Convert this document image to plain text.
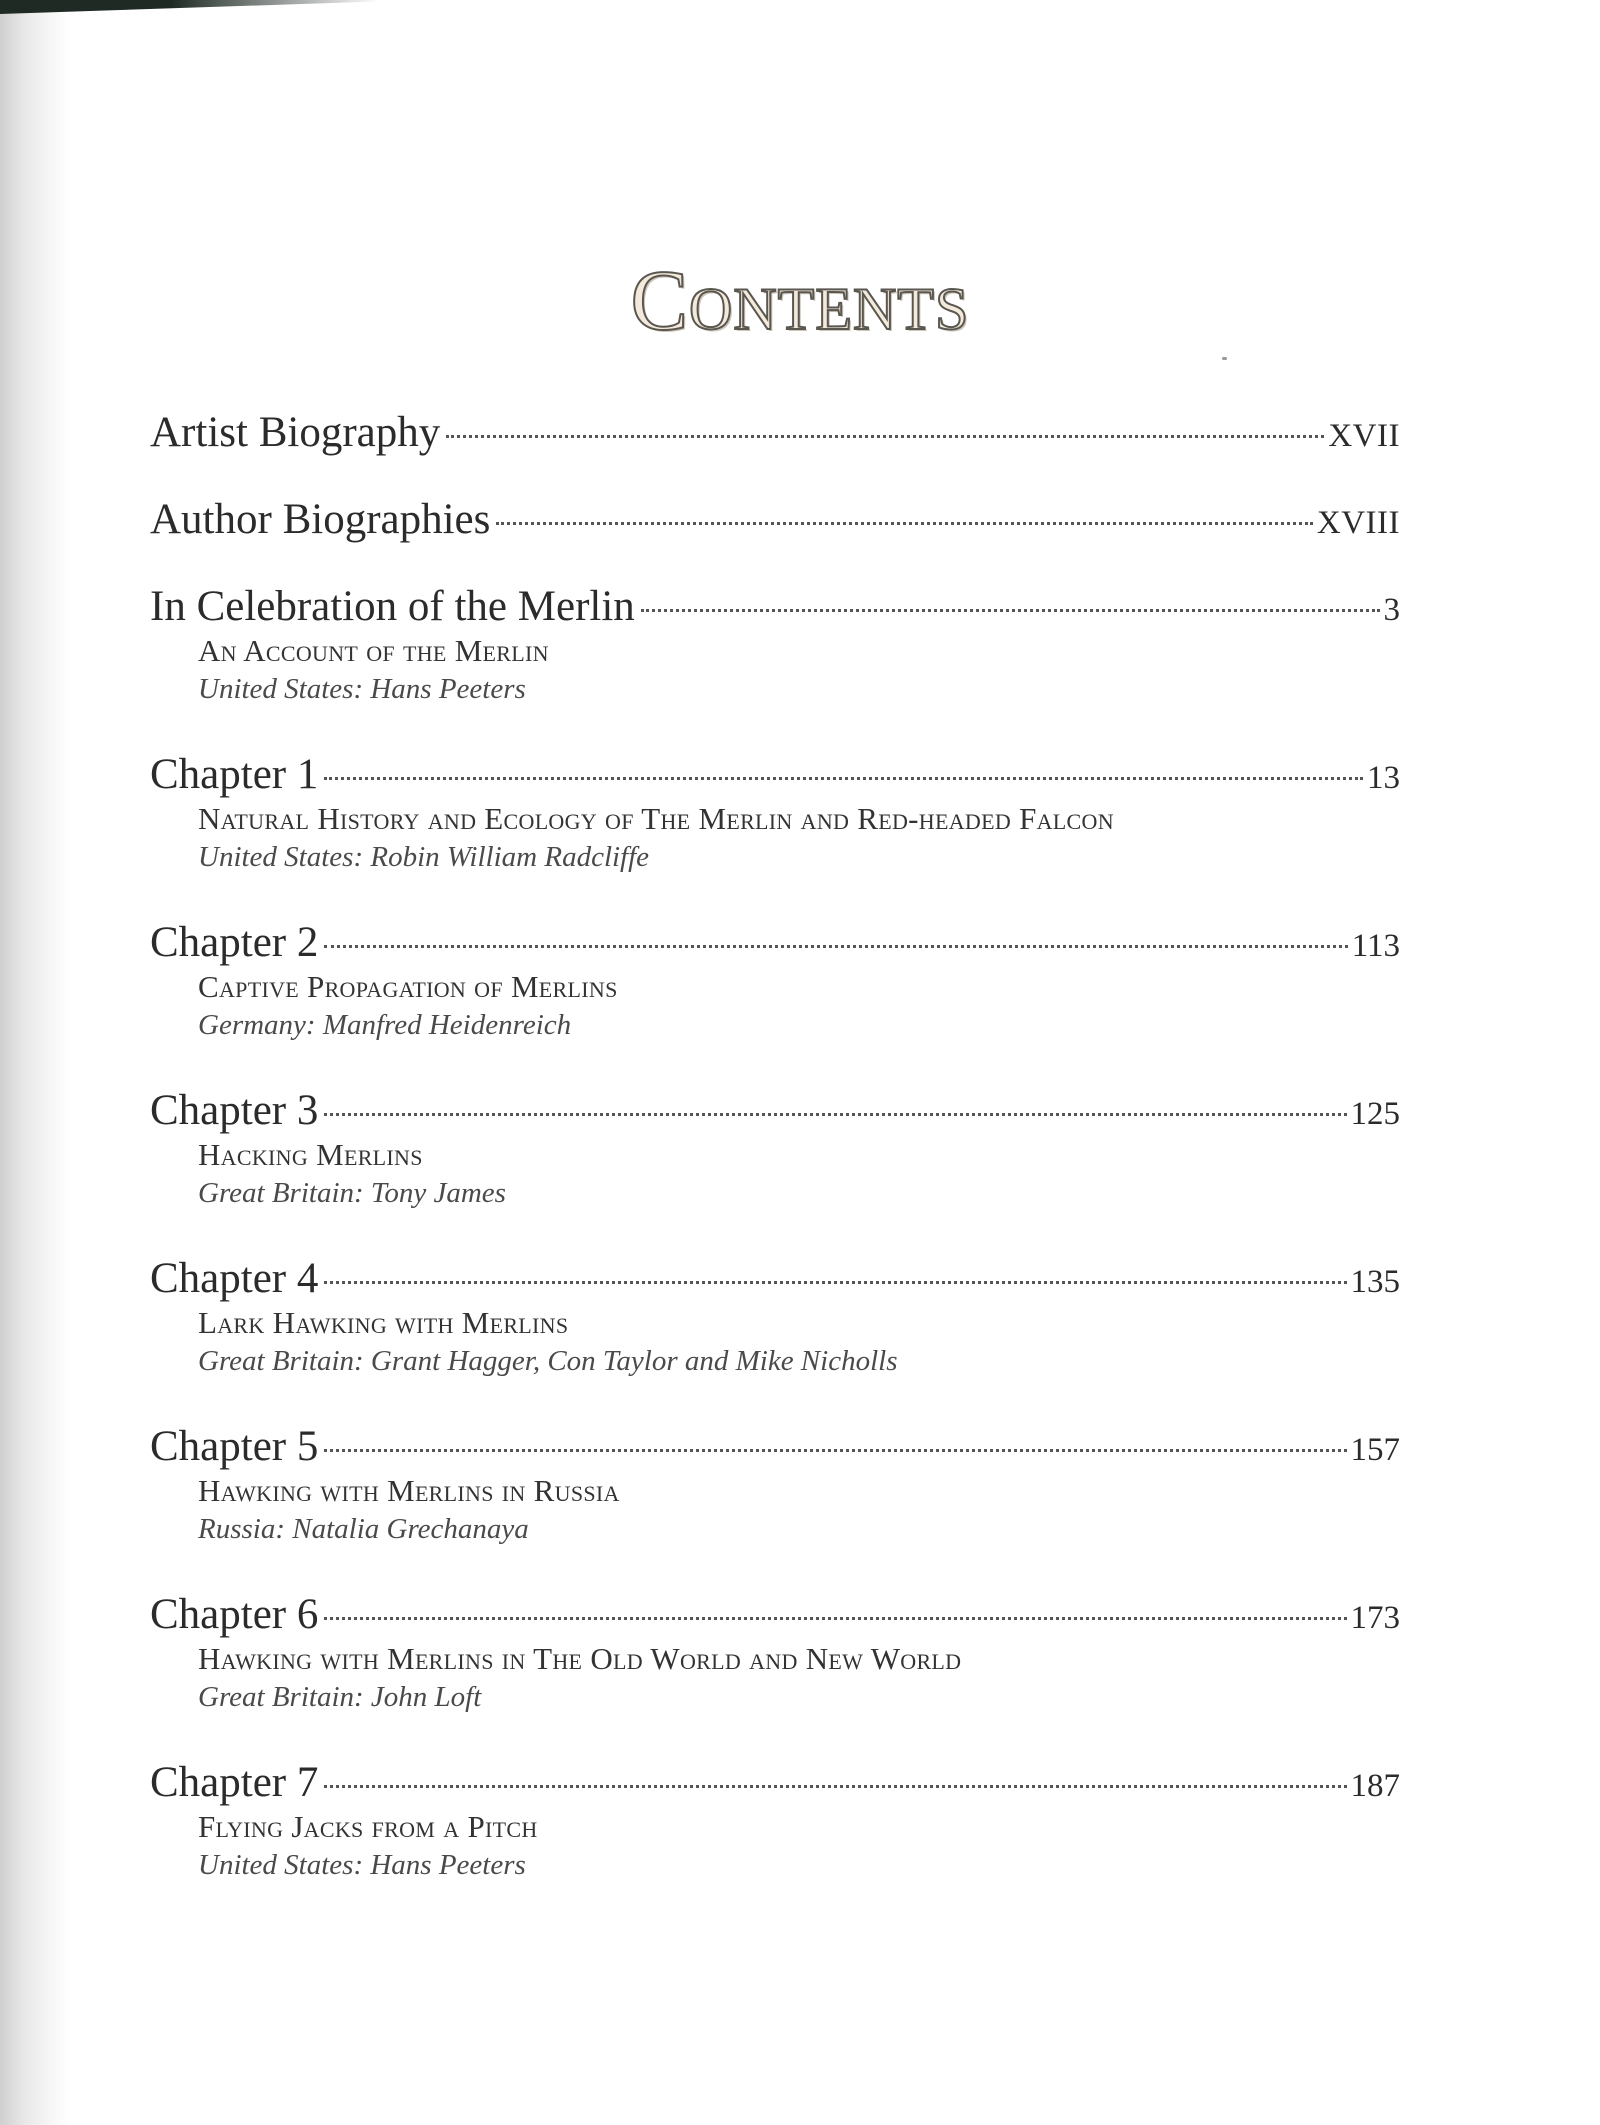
Contents
Artist Biography	XVII
Author Biographies	XVIII
In Celebration of the Merlin	3
An Account of the Merlin
United States: Hans Peeters
Chapter 1	13
Natural History and Ecology of The Merlin and Red-headed Falcon
United States: Robin William Radcliffe
Chapter 2	113
Captive Propagation of Merlins
Germany: Manfred Heidenreich
Chapter 3	125
Hacking Merlins
Great Britain: Tony James
Chapter 4	135
Lark Hawking with Merlins
Great Britain: Grant Hagger, Con Taylor and Mike Nicholls
Chapter 5	157
Hawking with Merlins in Russia
Russia: Natalia Grechanaya
Chapter 6	173
Hawking with Merlins in The Old World and New World
Great Britain: John Loft
Chapter 7	187
Flying Jacks from a Pitch
United States: Hans Peeters
